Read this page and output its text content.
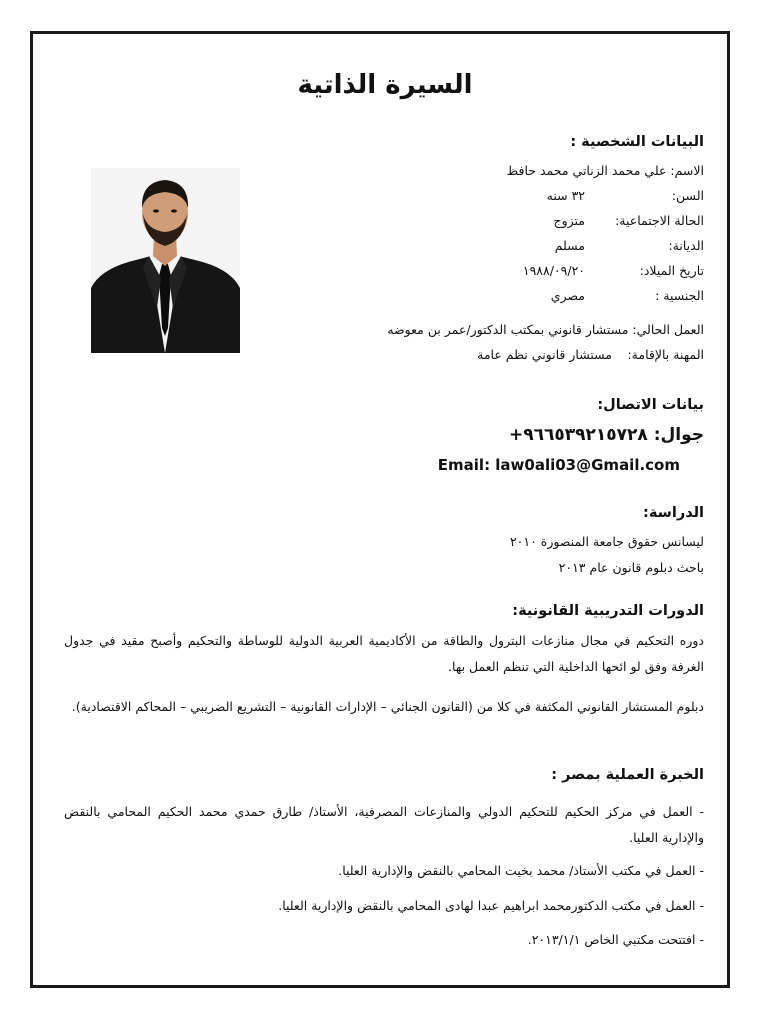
السيرة الذاتية
البيانات الشخصية :
الاسم: علي محمد الزناتي محمد حافظ
السن:
٣٢ سنه
الحالة الاجتماعية:
متزوج
الديانة:
مسلم
تاريخ الميلاد:
١٩٨٨/٠٩/٢٠
الجنسية :
مصري
العمل الحالي: مستشار قانوني بمكتب الدكتور/عمر بن معوضه
المهنة بالإقامة:
مستشار قانوني نظم عامة
بيانات الاتصال:
جوال: ٩٦٦٥٣٩٢١٥٧٢٨+
Email: law0ali03@Gmail.com
الدراسة:
ليسانس حقوق جامعة المنصورة ٢٠١٠
باحث دبلوم قانون عام ٢٠١٣
الدورات التدريبية القانونية:
دوره التحكيم في مجال منازعات البترول والطاقة من الأكاديمية العربية الدولية للوساطة والتحكيم وأصبح مقيد في جدول الغرفة وفق لو ائحها الداخلية التي تنظم العمل بها.
دبلوم المستشار القانوني المكثفة في كلا من (القانون الجنائي – الإدارات القانونية – التشريع الضريبي – المحاكم الاقتصادية).
الخبرة العملية بمصر :
- العمل في مركز الحكيم للتحكيم الدولي والمنازعات المصرفية، الأستاذ/ طارق حمدي محمد الحكيم المحامي بالنقض والإدارية العليا.
- العمل في مكتب الأستاذ/ محمد بخيت المحامي بالنقض والإدارية العليا.
- العمل في مكتب الدكتورمحمد ابراهيم عبدا لهادى المحامي بالنقض والإدارية العليا.
- افتتحت مكتبي الخاص ٢٠١٣/١/١.
